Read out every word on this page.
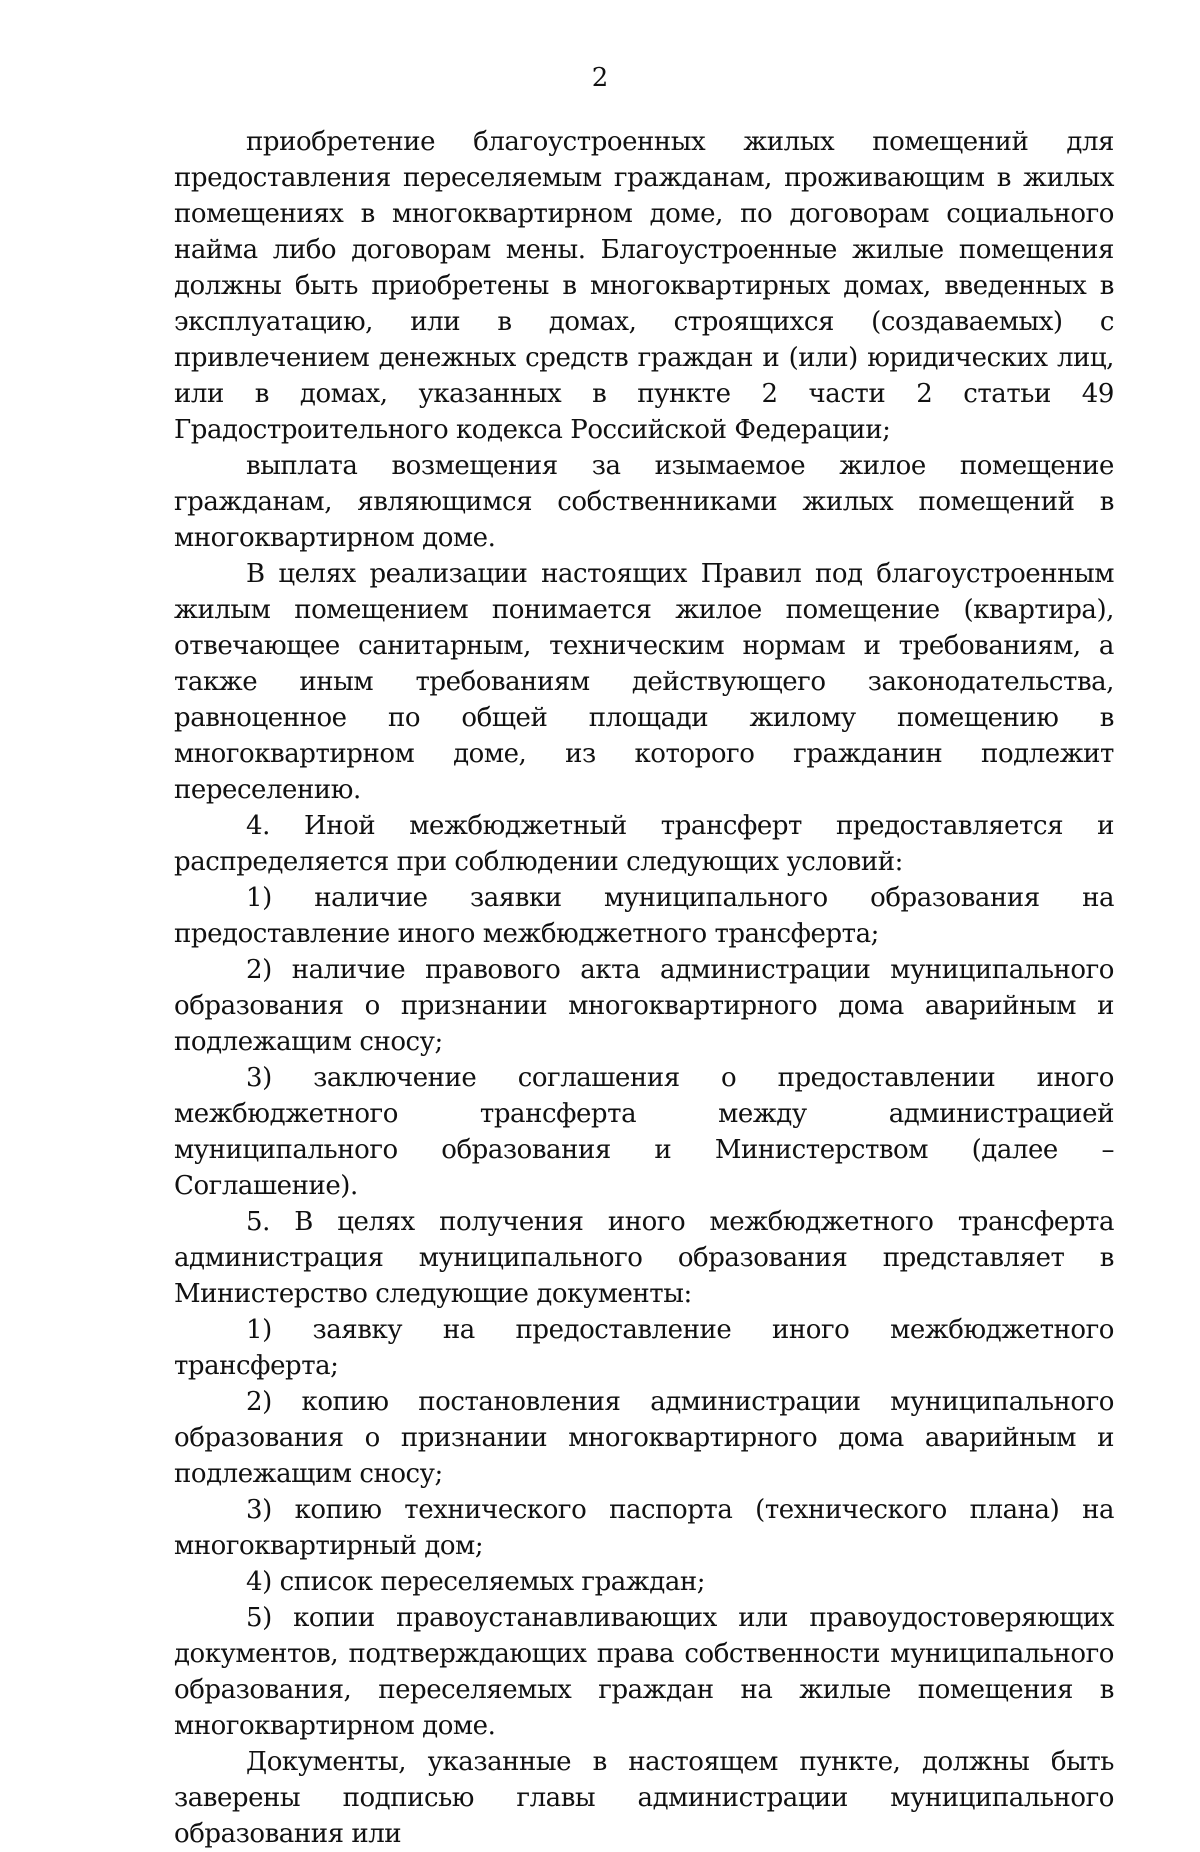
2

приобретение благоустроенных жилых помещений для предоставления переселяемым гражданам, проживающим в жилых помещениях в многоквартирном доме, по договорам социального найма либо договорам мены. Благоустроенные жилые помещения должны быть приобретены в многоквартирных домах, введенных в эксплуатацию, или в домах, строящихся (создаваемых) с привлечением денежных средств граждан и (или) юридических лиц, или в домах, указанных в пункте 2 части 2 статьи 49 Градостроительного кодекса Российской Федерации;

выплата возмещения за изымаемое жилое помещение гражданам, являющимся собственниками жилых помещений в многоквартирном доме.

В целях реализации настоящих Правил под благоустроенным жилым помещением понимается жилое помещение (квартира), отвечающее санитарным, техническим нормам и требованиям, а также иным требованиям действующего законодательства, равноценное по общей площади жилому помещению в многоквартирном доме, из которого гражданин подлежит переселению.

4. Иной межбюджетный трансферт предоставляется и распределяется при соблюдении следующих условий:

1) наличие заявки муниципального образования на предоставление иного межбюджетного трансферта;

2) наличие правового акта администрации муниципального образования о признании многоквартирного дома аварийным и подлежащим сносу;

3) заключение соглашения о предоставлении иного межбюджетного трансферта между администрацией муниципального образования и Министерством (далее – Соглашение).

5. В целях получения иного межбюджетного трансферта администрация муниципального образования представляет в Министерство следующие документы:

1) заявку на предоставление иного межбюджетного трансферта;

2) копию постановления администрации муниципального образования о признании многоквартирного дома аварийным и подлежащим сносу;

3) копию технического паспорта (технического плана) на многоквартирный дом;

4) список переселяемых граждан;

5) копии правоустанавливающих или правоудостоверяющих документов, подтверждающих права собственности муниципального образования, переселяемых граждан на жилые помещения в многоквартирном доме.

Документы, указанные в настоящем пункте, должны быть заверены подписью главы администрации муниципального образования или
